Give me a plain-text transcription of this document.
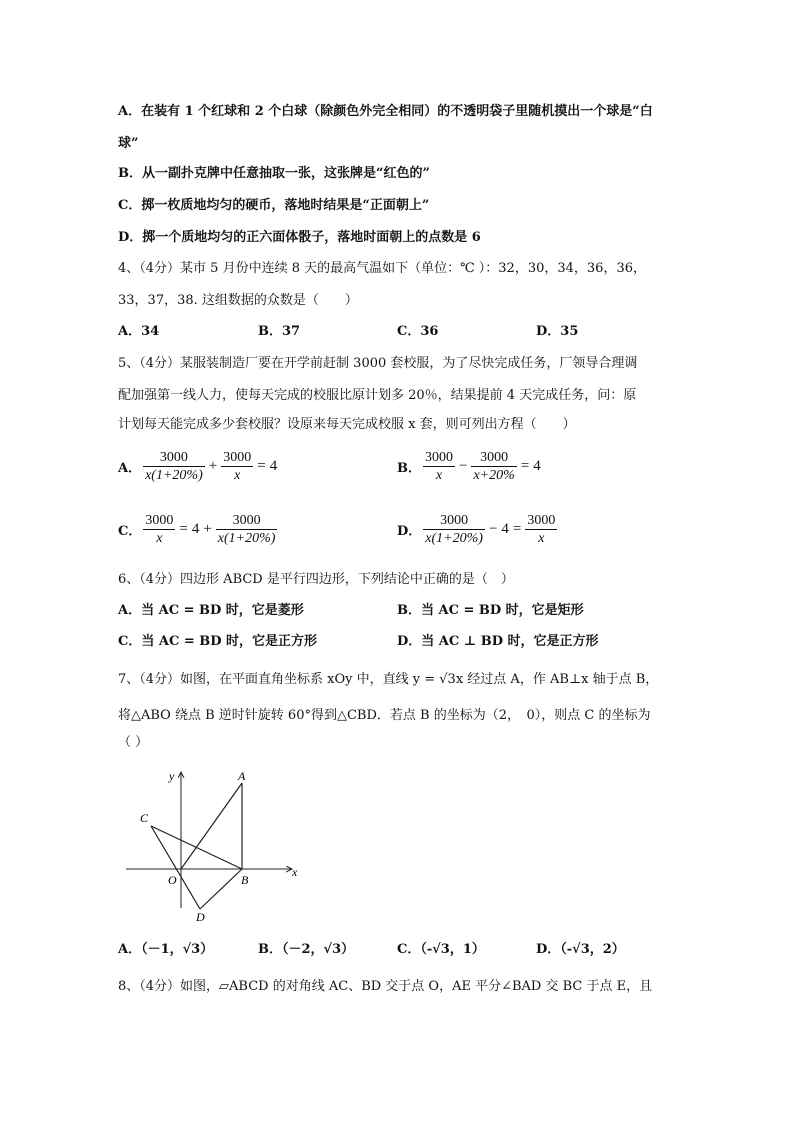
A．在装有 1 个红球和 2 个白球（除颜色外完全相同）的不透明袋子里随机摸出一个球是“白
球”
B．从一副扑克牌中任意抽取一张，这张牌是“红色的”
C．掷一枚质地均匀的硬币，落地时结果是“正面朝上”
D．掷一个质地均匀的正六面体骰子，落地时面朝上的点数是 6
4、（4分）某市 5 月份中连续 8 天的最高气温如下（单位：℃ ）：32，30，34，36，36，
33，37，38. 这组数据的众数是（　　）
A．34	B．37	C．36	D．35
5、（4分）某服装制造厂要在开学前赶制 3000 套校服，为了尽快完成任务，厂领导合理调
配加强第一线人力，使每天完成的校服比原计划多 20％，结果提前 4 天完成任务，问：原
计划每天能完成多少套校服？设原来每天完成校服 x 套，则可列出方程（　　）
A． $\frac{3000}{x(1+20\%)} + \frac{3000}{x} = 4$	B． $\frac{3000}{x} - \frac{3000}{x+20\%} = 4$
C． $\frac{3000}{x} = 4 + \frac{3000}{x(1+20\%)}$	D． $\frac{3000}{x(1+20\%)} - 4 = \frac{3000}{x}$
6、（4分）四边形 ABCD 是平行四边形，下列结论中正确的是（　）
A．当 AC = BD 时，它是菱形	B．当 AC = BD 时，它是矩形
C．当 AC = BD 时，它是正方形	D．当 AC ⊥ BD 时，它是正方形
7、（4分）如图，在平面直角坐标系 xOy 中，直线 y = √3x 经过点 A，作 AB⊥x 轴于点 B，
将△ABO 绕点 B 逆时针旋转 60°得到△CBD．若点 B 的坐标为（2，　0），则点 C 的坐标为
（ ）
y	A
C
x
O	B
D
A．（－1，√3）	B．（－2，√3）	C．（-√3，1）	D．（-√3，2）
8、（4分）如图，▱ABCD 的对角线 AC、BD 交于点 O，AE 平分∠BAD 交 BC 于点 E，且
